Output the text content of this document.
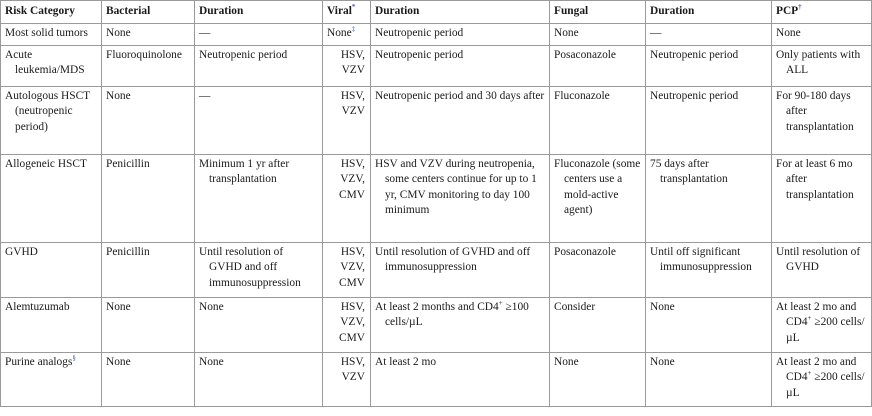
Risk Category	Bacterial	Duration	Viral*	Duration	Fungal	Duration	PCP†
Most solid tumors	None	—	None‡	Neutropenic period	None	—	None
Acute leukemia/MDS	Fluoroquinolone	Neutropenic period	HSV, VZV	Neutropenic period	Posaconazole	Neutropenic period	Only patients with ALL
Autologous HSCT (neutropenic period)	None	—	HSV, VZV	Neutropenic period and 30 days after	Fluconazole	Neutropenic period	For 90-180 days after transplantation
Allogeneic HSCT	Penicillin	Minimum 1 yr after transplantation	HSV, VZV, CMV	HSV and VZV during neutropenia, some centers continue for up to 1 yr, CMV monitoring to day 100 minimum	Fluconazole (some centers use a mold-active agent)	75 days after transplantation	For at least 6 mo after transplantation
GVHD	Penicillin	Until resolution of GVHD and off immunosuppression	HSV, VZV, CMV	Until resolution of GVHD and off immunosuppression	Posaconazole	Until off significant immunosuppression	Until resolution of GVHD
Alemtuzumab	None	None	HSV, VZV, CMV	At least 2 months and CD4+ ≥100 cells/µL	Consider	None	At least 2 mo and CD4+ ≥200 cells/µL
Purine analogs§	None	None	HSV, VZV	At least 2 mo	None	None	At least 2 mo and CD4+ ≥200 cells/µL
